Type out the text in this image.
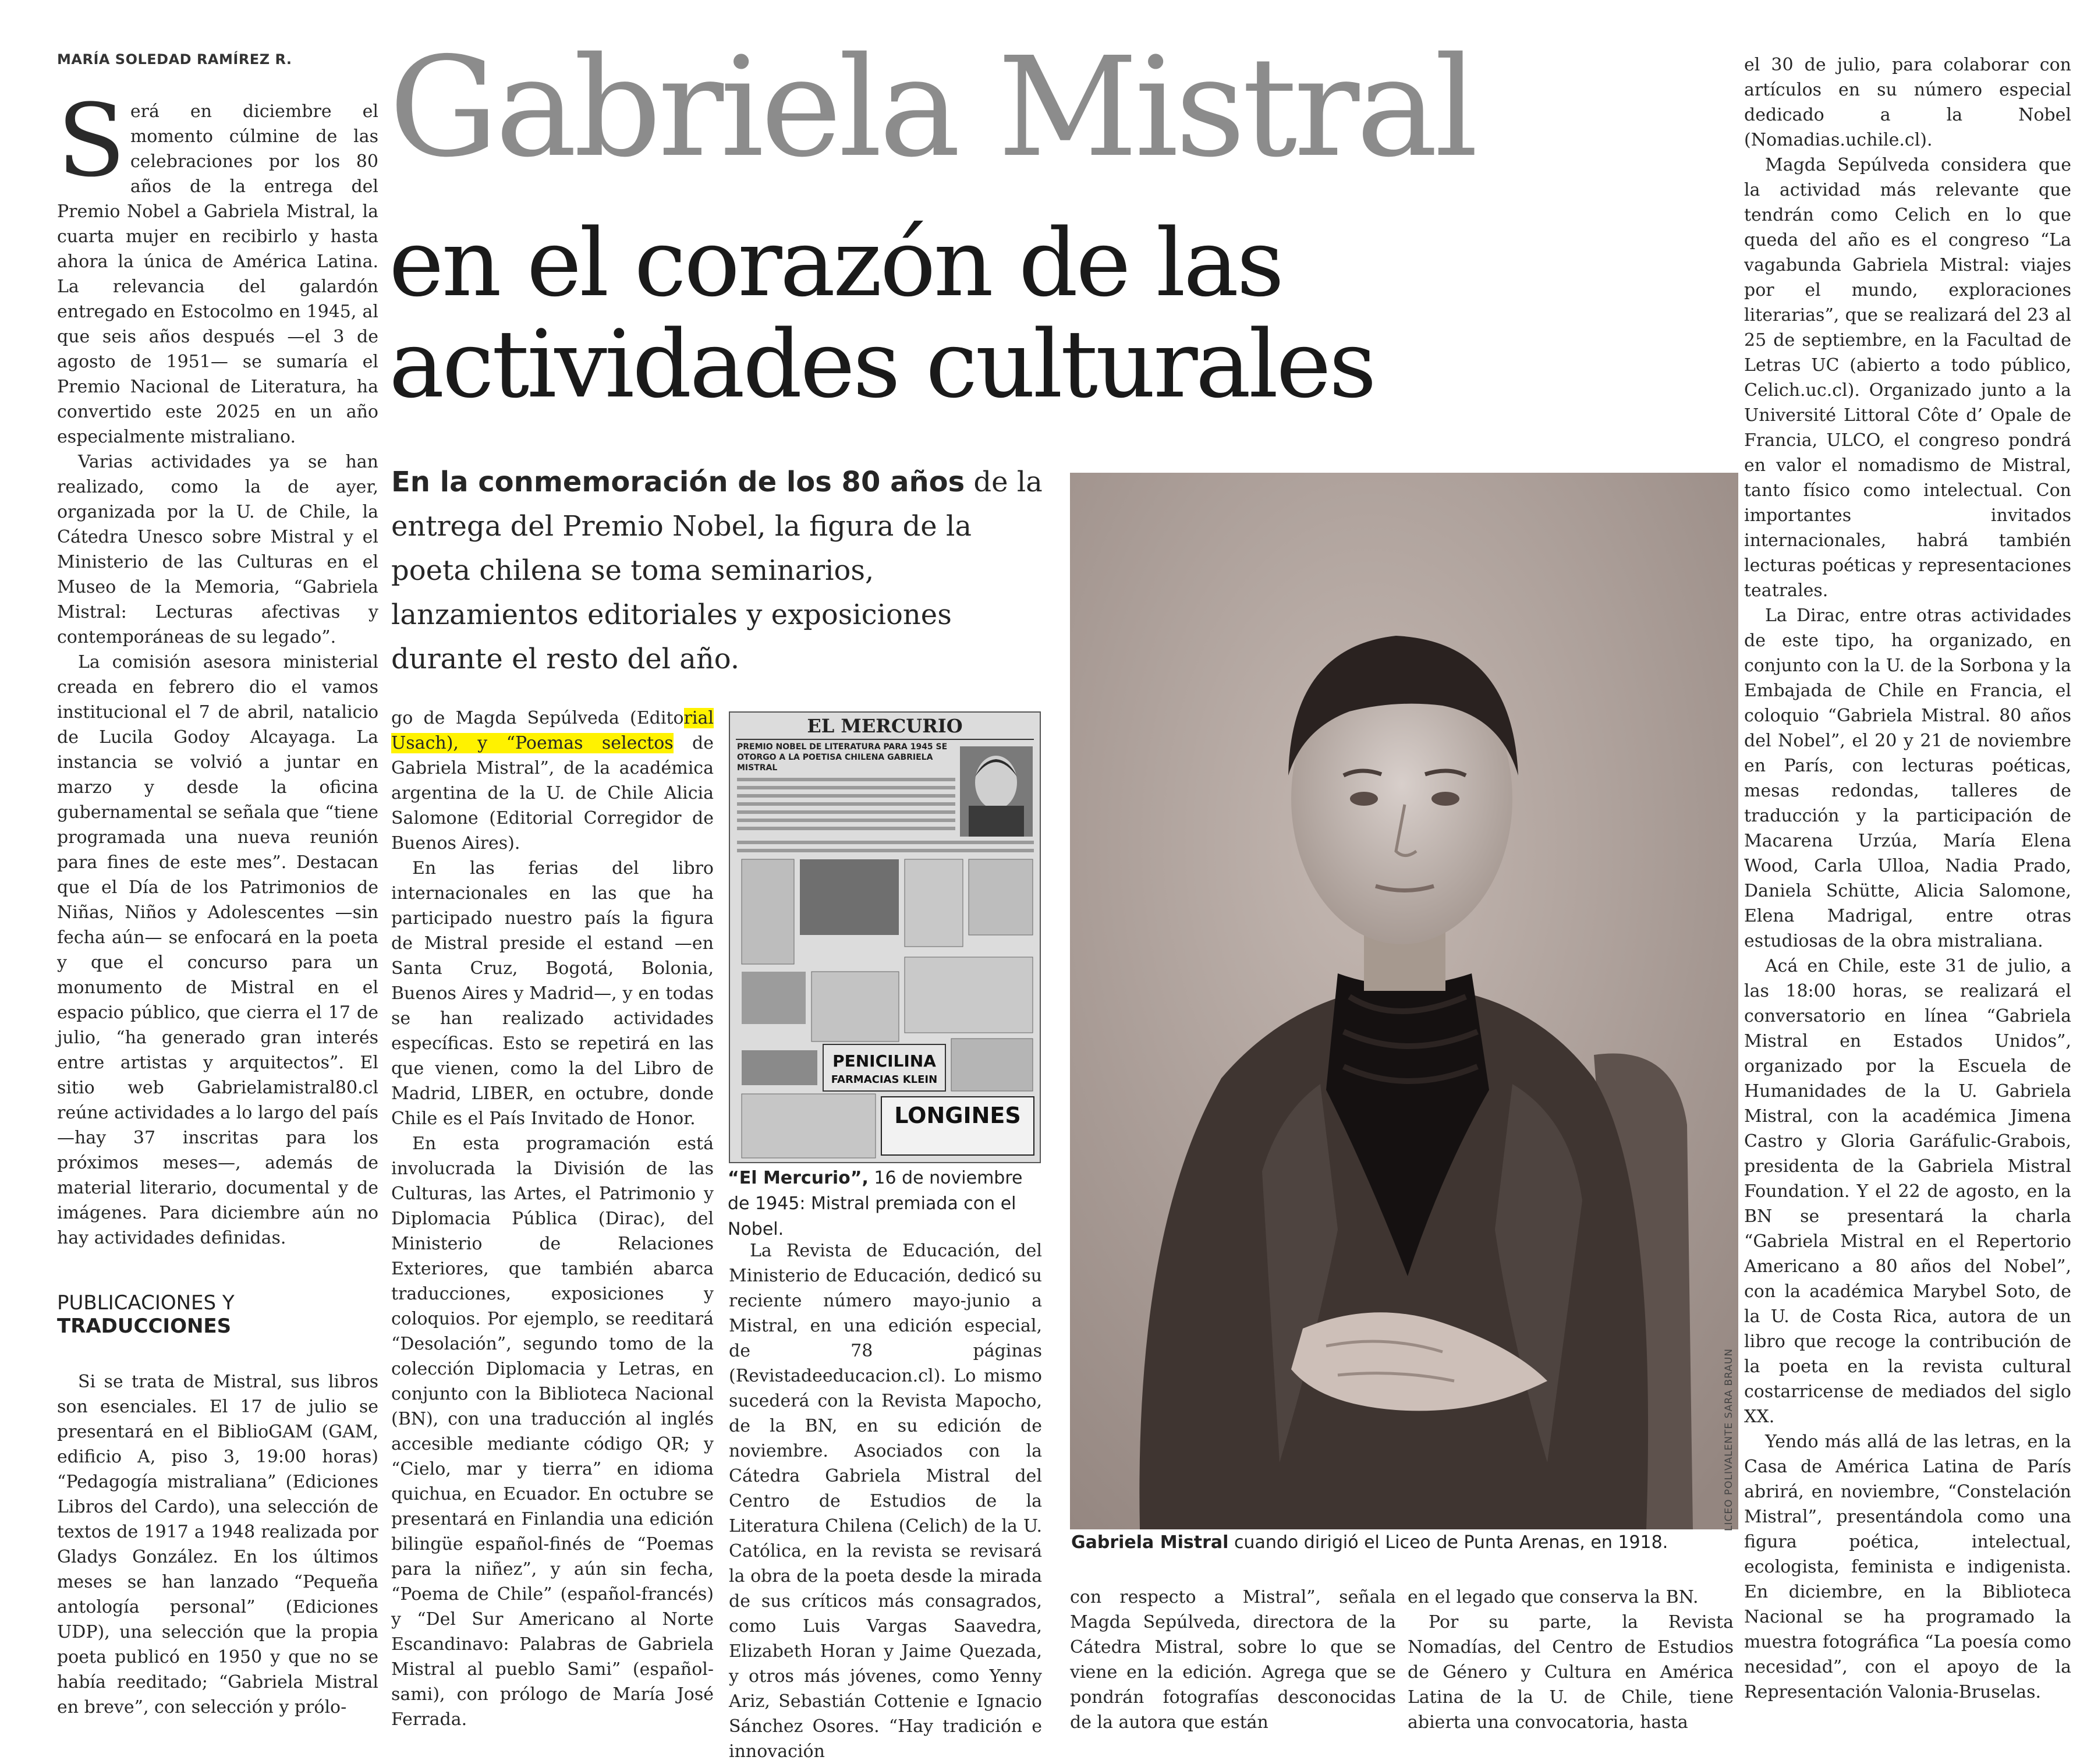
MARÍA SOLEDAD RAMÍREZ R. Gabriela Mistral
en el corazón de las actividades culturales
En la conmemoración de los 80 años de la entrega del Premio Nobel, la figura de la poeta chilena se toma seminarios, lanzamientos editoriales y exposiciones durante el resto del año.

Será en diciembre el momento cúlmine de las celebraciones por los 80 años de la entrega del Premio Nobel a Gabriela Mistral, la cuarta mujer en recibirlo y hasta ahora la única de América Latina. La relevancia del galardón entregado en Estocolmo en 1945, al que seis años después —el 3 de agosto de 1951— se sumaría el Premio Nacional de Literatura, ha convertido este 2025 en un año especialmente mistraliano.

Varias actividades ya se han realizado, como la de ayer, organizada por la U. de Chile, la Cátedra Unesco sobre Mistral y el Ministerio de las Culturas en el Museo de la Memoria, “Gabriela Mistral: Lecturas afectivas y contemporáneas de su legado”.

La comisión asesora ministerial creada en febrero dio el vamos institucional el 7 de abril, natalicio de Lucila Godoy Alcayaga. La instancia se volvió a juntar en marzo y desde la oficina gubernamental se señala que “tiene programada una nueva reunión para fines de este mes”. Destacan que el Día de los Patrimonios de Niñas, Niños y Adolescentes —sin fecha aún— se enfocará en la poeta y que el concurso para un monumento de Mistral en el espacio público, que cierra el 17 de julio, “ha generado gran interés entre artistas y arquitectos”. El sitio web Gabrielamistral80.cl reúne actividades a lo largo del país —hay 37 inscritas para los próximos meses—, además de material literario, documental y de imágenes. Para diciembre aún no hay actividades definidas.

PUBLICACIONES Y
TRADUCCIONES

Si se trata de Mistral, sus libros son esenciales. El 17 de julio se presentará en el BiblioGAM (GAM, edificio A, piso 3, 19:00 horas) “Pedagogía mistraliana” (Ediciones Libros del Cardo), una selección de textos de 1917 a 1948 realizada por Gladys González. En los últimos meses se han lanzado “Pequeña antología personal” (Ediciones UDP), una selección que la propia poeta publicó en 1950 y que no se había reeditado; “Gabriela Mistral en breve”, con selección y prólo-

go de Magda Sepúlveda (Editorial Usach), y “Poemas selectos de Gabriela Mistral”, de la académica argentina de la U. de Chile Alicia Salomone (Editorial Corregidor de Buenos Aires).

En las ferias del libro internacionales en las que ha participado nuestro país la figura de Mistral preside el estand —en Santa Cruz, Bogotá, Bolonia, Buenos Aires y Madrid—, y en todas se han realizado actividades específicas. Esto se repetirá en las que vienen, como la del Libro de Madrid, LIBER, en octubre, donde Chile es el País Invitado de Honor.

En esta programación está involucrada la División de las Culturas, las Artes, el Patrimonio y Diplomacia Pública (Dirac), del Ministerio de Relaciones Exteriores, que también abarca traducciones, exposiciones y coloquios. Por ejemplo, se reeditará “Desolación”, segundo tomo de la colección Diplomacia y Letras, en conjunto con la Biblioteca Nacional (BN), con una traducción al inglés accesible mediante código QR; y “Cielo, mar y tierra” en idioma quichua, en Ecuador. En octubre se presentará en Finlandia una edición bilingüe español-finés de “Poemas para la niñez”, y aún sin fecha, “Poema de Chile” (español-francés) y “Del Sur Americano al Norte Escandinavo: Palabras de Gabriela Mistral al pueblo Sami” (español-sami), con prólogo de María José Ferrada.

EL MERCURIO
PREMIO NOBEL DE LITERATURA PARA 1945 SE OTORGO A LA POETISA CHILENA GABRIELA MISTRAL
PENICILINA
FARMACIAS KLEIN
LONGINES
“El Mercurio”, 16 de noviembre de 1945: Mistral premiada con el Nobel.

La Revista de Educación, del Ministerio de Educación, dedicó su reciente número mayo-junio a Mistral, en una edición especial, de 78 páginas (Revistadeeducacion.cl). Lo mismo sucederá con la Revista Mapocho, de la BN, en su edición de noviembre. Asociados con la Cátedra Gabriela Mistral del Centro de Estudios de la Literatura Chilena (Celich) de la U. Católica, en la revista se revisará la obra de la poeta desde la mirada de sus críticos más consagrados, como Luis Vargas Saavedra, Elizabeth Horan y Jaime Quezada, y otros más jóvenes, como Yenny Ariz, Sebastián Cottenie e Ignacio Sánchez Osores. “Hay tradición e innovación

LICEO POLIVALENTE SARA BRAUN
Gabriela Mistral cuando dirigió el Liceo de Punta Arenas, en 1918.

con respecto a Mistral”, señala Magda Sepúlveda, directora de la Cátedra Mistral, sobre lo que se viene en la edición. Agrega que se pondrán fotografías desconocidas de la autora que están

en el legado que conserva la BN.

Por su parte, la Revista Nomadías, del Centro de Estudios de Género y Cultura en América Latina de la U. de Chile, tiene abierta una convocatoria, hasta

el 30 de julio, para colaborar con artículos en su número especial dedicado a la Nobel (Nomadias.uchile.cl).

Magda Sepúlveda considera que la actividad más relevante que tendrán como Celich en lo que queda del año es el congreso “La vagabunda Gabriela Mistral: viajes por el mundo, exploraciones literarias”, que se realizará del 23 al 25 de septiembre, en la Facultad de Letras UC (abierto a todo público, Celich.uc.cl). Organizado junto a la Université Littoral Côte d’ Opale de Francia, ULCO, el congreso pondrá en valor el nomadismo de Mistral, tanto físico como intelectual. Con importantes invitados internacionales, habrá también lecturas poéticas y representaciones teatrales.

La Dirac, entre otras actividades de este tipo, ha organizado, en conjunto con la U. de la Sorbona y la Embajada de Chile en Francia, el coloquio “Gabriela Mistral. 80 años del Nobel”, el 20 y 21 de noviembre en París, con lecturas poéticas, mesas redondas, talleres de traducción y la participación de Macarena Urzúa, María Elena Wood, Carla Ulloa, Nadia Prado, Daniela Schütte, Alicia Salomone, Elena Madrigal, entre otras estudiosas de la obra mistraliana.

Acá en Chile, este 31 de julio, a las 18:00 horas, se realizará el conversatorio en línea “Gabriela Mistral en Estados Unidos”, organizado por la Escuela de Humanidades de la U. Gabriela Mistral, con la académica Jimena Castro y Gloria Garáfulic-Grabois, presidenta de la Gabriela Mistral Foundation. Y el 22 de agosto, en la BN se presentará la charla “Gabriela Mistral en el Repertorio Americano a 80 años del Nobel”, con la académica Marybel Soto, de la U. de Costa Rica, autora de un libro que recoge la contribución de la poeta en la revista cultural costarricense de mediados del siglo XX.

Yendo más allá de las letras, en la Casa de América Latina de París abrirá, en noviembre, “Constelación Mistral”, presentándola como una figura poética, intelectual, ecologista, feminista e indigenista. En diciembre, en la Biblioteca Nacional se ha programado la muestra fotográfica “La poesía como necesidad”, con el apoyo de la Representación Valonia-Bruselas.
